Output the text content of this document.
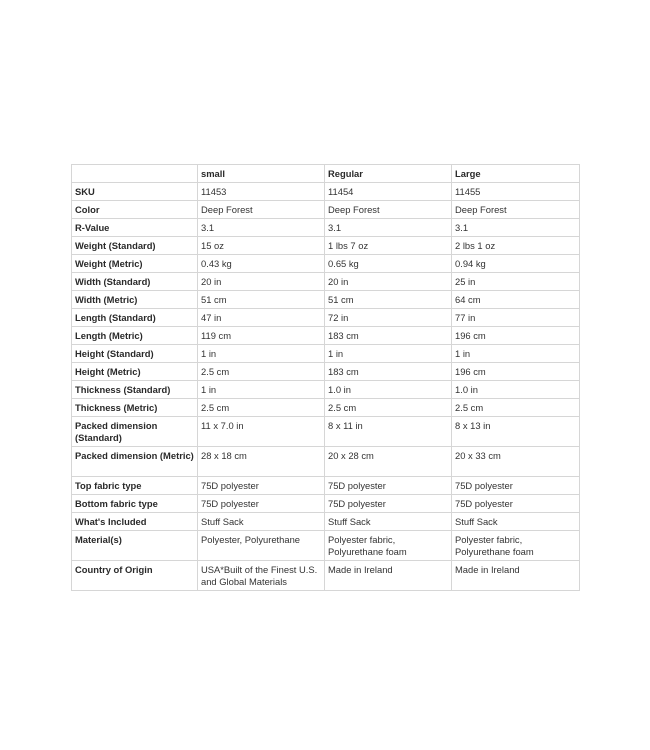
	small	Regular	Large
SKU	11453	11454	11455
Color	Deep Forest	Deep Forest	Deep Forest
R-Value	3.1	3.1	3.1
Weight (Standard)	15 oz	1 lbs 7 oz	2 lbs 1 oz
Weight (Metric)	0.43 kg	0.65 kg	0.94 kg
Width (Standard)	20 in	20 in	25 in
Width (Metric)	51 cm	51 cm	64 cm
Length (Standard)	47 in	72 in	77 in
Length (Metric)	119 cm	183 cm	196 cm
Height (Standard)	1 in	1 in	1 in
Height (Metric)	2.5 cm	183 cm	196 cm
Thickness (Standard)	1 in	1.0 in	1.0 in
Thickness (Metric)	2.5 cm	2.5 cm	2.5 cm
Packed dimension (Standard)	11 x 7.0 in	8 x 11 in	8 x 13 in
Packed dimension (Metric)	28 x 18 cm	20 x 28 cm	20 x 33 cm
Top fabric type	75D polyester	75D polyester	75D polyester
Bottom fabric type	75D polyester	75D polyester	75D polyester
What's Included	Stuff Sack	Stuff Sack	Stuff Sack
Material(s)	Polyester, Polyurethane	Polyester fabric, Polyurethane foam	Polyester fabric, Polyurethane foam
Country of Origin	USA*Built of the Finest U.S. and Global Materials	Made in Ireland	Made in Ireland
